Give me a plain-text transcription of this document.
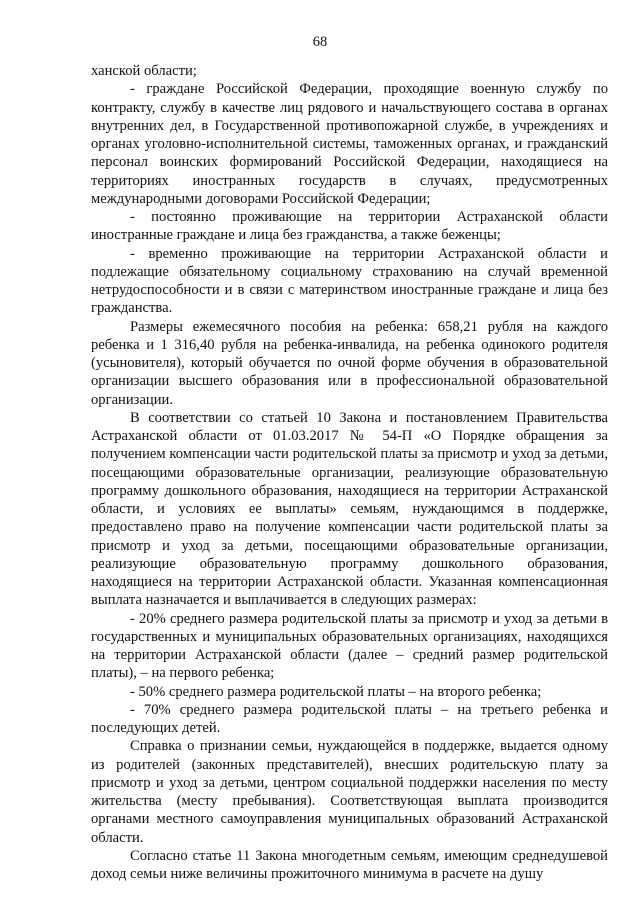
68

ханской области;

- граждане Российской Федерации, проходящие военную службу по контракту, службу в качестве лиц рядового и начальствующего состава в органах внутренних дел, в Государственной противопожарной службе, в учреждениях и органах уголовно-исполнительной системы, таможенных органах, и гражданский персонал воинских формирований Российской Федерации, находящиеся на территориях иностранных государств в случаях, предусмотренных международными договорами Российской Федерации;

- постоянно проживающие на территории Астраханской области иностранные граждане и лица без гражданства, а также беженцы;

- временно проживающие на территории Астраханской области и подлежащие обязательному социальному страхованию на случай временной нетрудоспособности и в связи с материнством иностранные граждане и лица без гражданства.

Размеры ежемесячного пособия на ребенка: 658,21 рубля на каждого ребенка и 1 316,40 рубля на ребенка-инвалида, на ребенка одинокого родителя (усыновителя), который обучается по очной форме обучения в образовательной организации высшего образования или в профессиональной образовательной организации.

В соответствии со статьей 10 Закона и постановлением Правительства Астраханской области от 01.03.2017 № 54-П «О Порядке обращения за получением компенсации части родительской платы за присмотр и уход за детьми, посещающими образовательные организации, реализующие образовательную программу дошкольного образования, находящиеся на территории Астраханской области, и условиях ее выплаты» семьям, нуждающимся в поддержке, предоставлено право на получение компенсации части родительской платы за присмотр и уход за детьми, посещающими образовательные организации, реализующие образовательную программу дошкольного образования, находящиеся на территории Астраханской области. Указанная компенсационная выплата назначается и выплачивается в следующих размерах:

- 20% среднего размера родительской платы за присмотр и уход за детьми в государственных и муниципальных образовательных организациях, находящихся на территории Астраханской области (далее – средний размер родительской платы), – на первого ребенка;

- 50% среднего размера родительской платы – на второго ребенка;

- 70% среднего размера родительской платы – на третьего ребенка и последующих детей.

Справка о признании семьи, нуждающейся в поддержке, выдается одному из родителей (законных представителей), внесших родительскую плату за присмотр и уход за детьми, центром социальной поддержки населения по месту жительства (месту пребывания). Соответствующая выплата производится органами местного самоуправления муниципальных образований Астраханской области.

Согласно статье 11 Закона многодетным семьям, имеющим среднедушевой доход семьи ниже величины прожиточного минимума в расчете на душу
